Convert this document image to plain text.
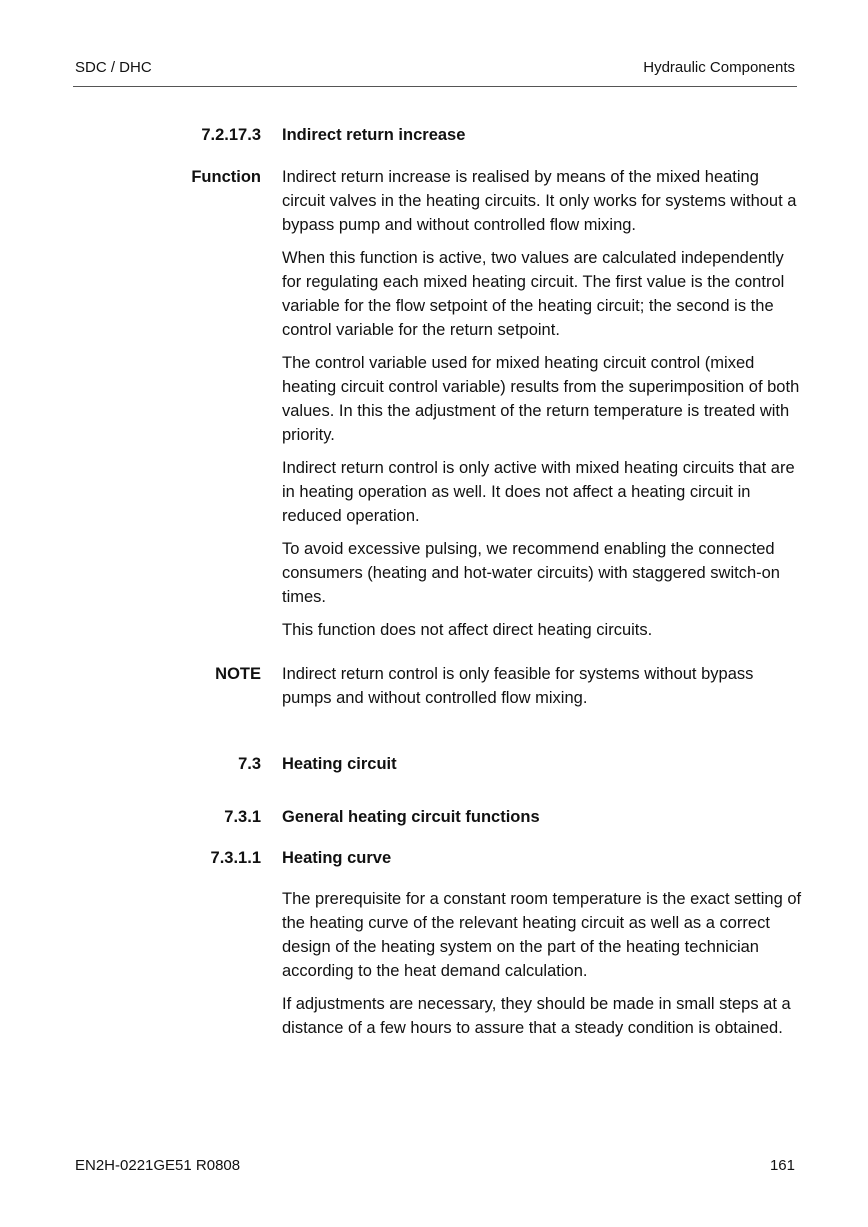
SDC / DHC	Hydraulic Components
7.2.17.3 Indirect return increase
Function Indirect return increase is realised by means of the mixed heating circuit valves in the heating circuits. It only works for systems without a bypass pump and without controlled flow mixing.

When this function is active, two values are calculated independently for regulating each mixed heating circuit. The first value is the control variable for the flow setpoint of the heating circuit; the second is the control variable for the return setpoint.

The control variable used for mixed heating circuit control (mixed heating circuit control variable) results from the superimposition of both values. In this the adjustment of the return temperature is treated with priority.

Indirect return control is only active with mixed heating circuits that are in heating operation as well. It does not affect a heating circuit in reduced operation.

To avoid excessive pulsing, we recommend enabling the connected consumers (heating and hot-water circuits) with staggered switch-on times.

This function does not affect direct heating circuits.

NOTE Indirect return control is only feasible for systems without bypass pumps and without controlled flow mixing.

7.3 Heating circuit
7.3.1 General heating circuit functions
7.3.1.1 Heating curve

The prerequisite for a constant room temperature is the exact setting of the heating curve of the relevant heating circuit as well as a correct design of the heating system on the part of the heating technician according to the heat demand calculation.

If adjustments are necessary, they should be made in small steps at a distance of a few hours to assure that a steady condition is obtained.

EN2H-0221GE51 R0808	161
